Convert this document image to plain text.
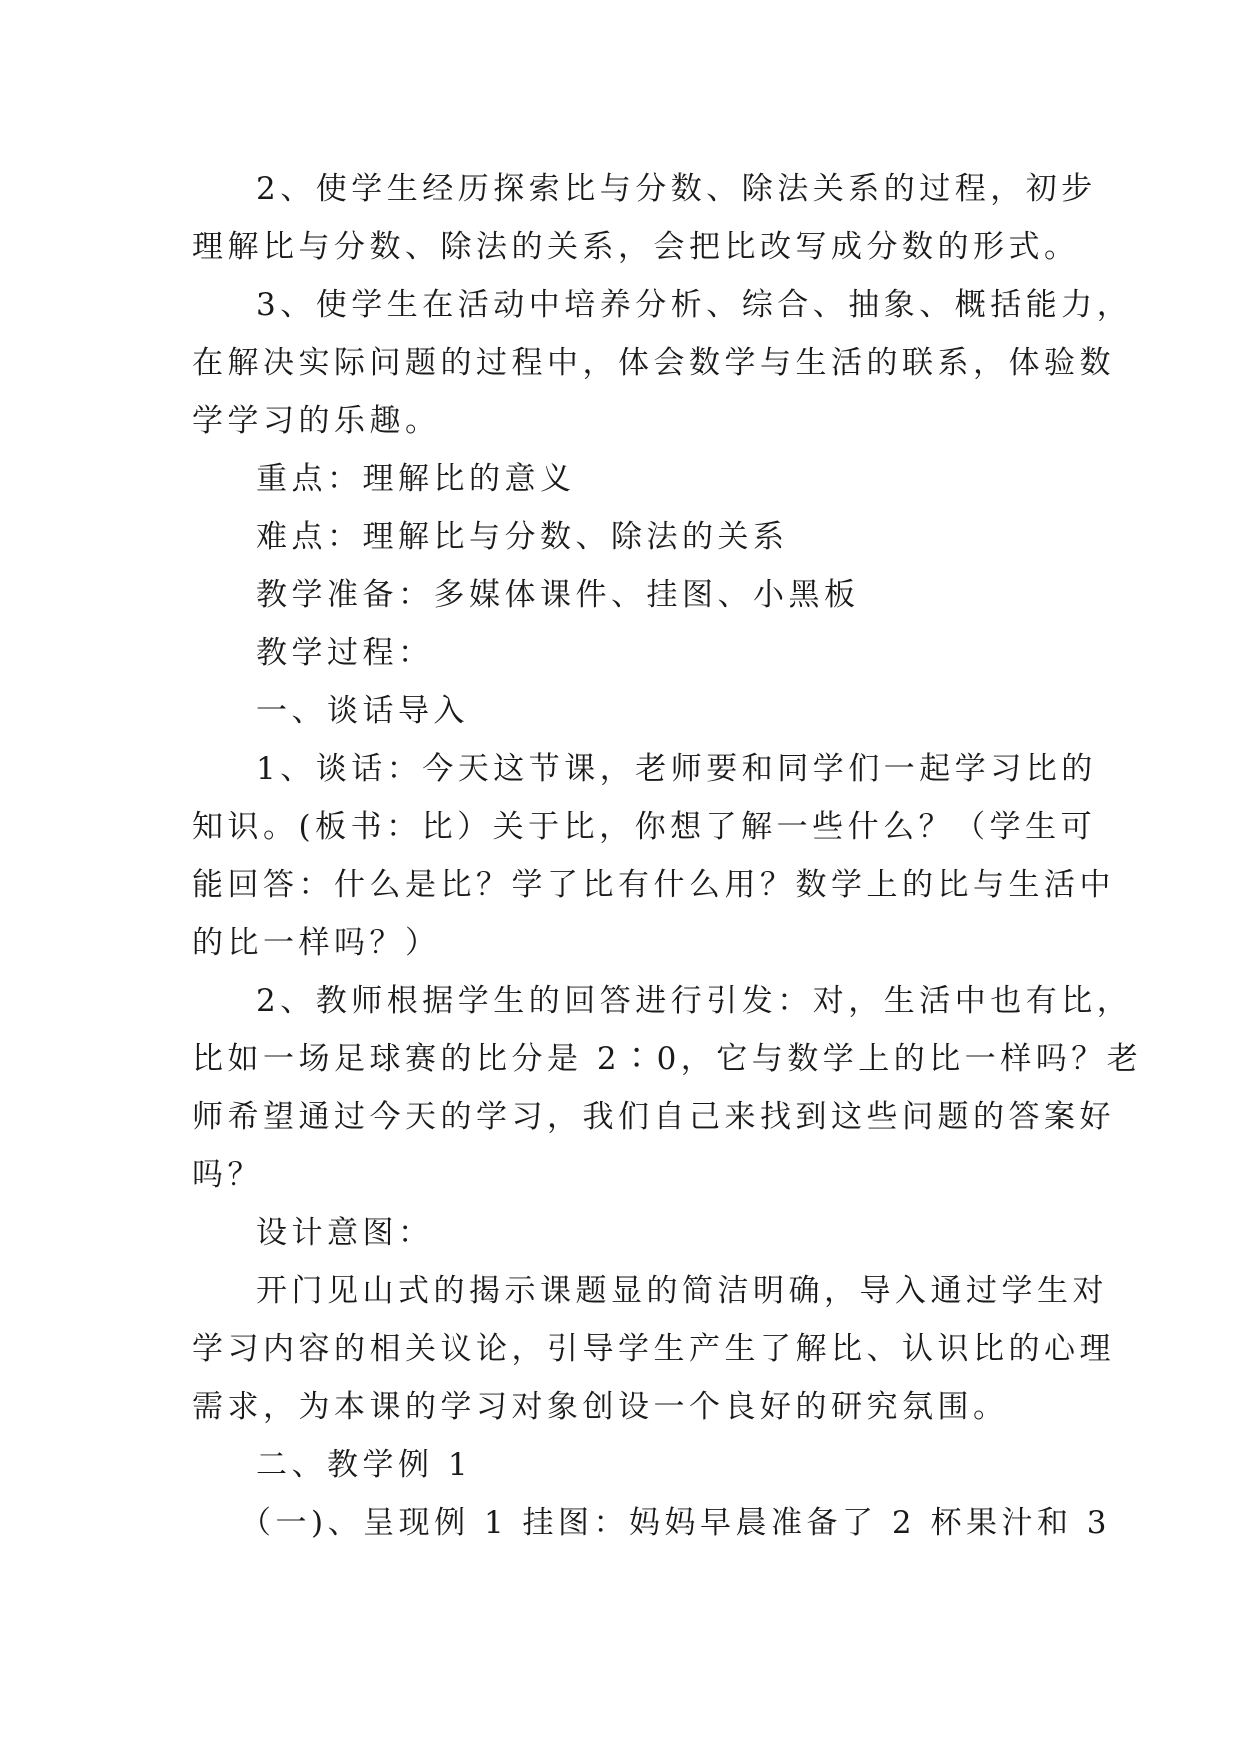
2、使学生经历探索比与分数、除法关系的过程，初步
理解比与分数、除法的关系，会把比改写成分数的形式。
3、使学生在活动中培养分析、综合、抽象、概括能力，
在解决实际问题的过程中，体会数学与生活的联系，体验数
学学习的乐趣。
重点：理解比的意义
难点：理解比与分数、除法的关系
教学准备：多媒体课件、挂图、小黑板
教学过程：
一、谈话导入
1、谈话：今天这节课，老师要和同学们一起学习比的
知识。(板书：比）关于比，你想了解一些什么？（学生可
能回答：什么是比？学了比有什么用？数学上的比与生活中
的比一样吗？）
2、教师根据学生的回答进行引发：对，生活中也有比，
比如一场足球赛的比分是 2∶0，它与数学上的比一样吗？老
师希望通过今天的学习，我们自己来找到这些问题的答案好
吗？
设计意图：
开门见山式的揭示课题显的简洁明确，导入通过学生对
学习内容的相关议论，引导学生产生了解比、认识比的心理
需求，为本课的学习对象创设一个良好的研究氛围。
二、教学例 1
（一)、呈现例 1 挂图：妈妈早晨准备了 2 杯果汁和 3
